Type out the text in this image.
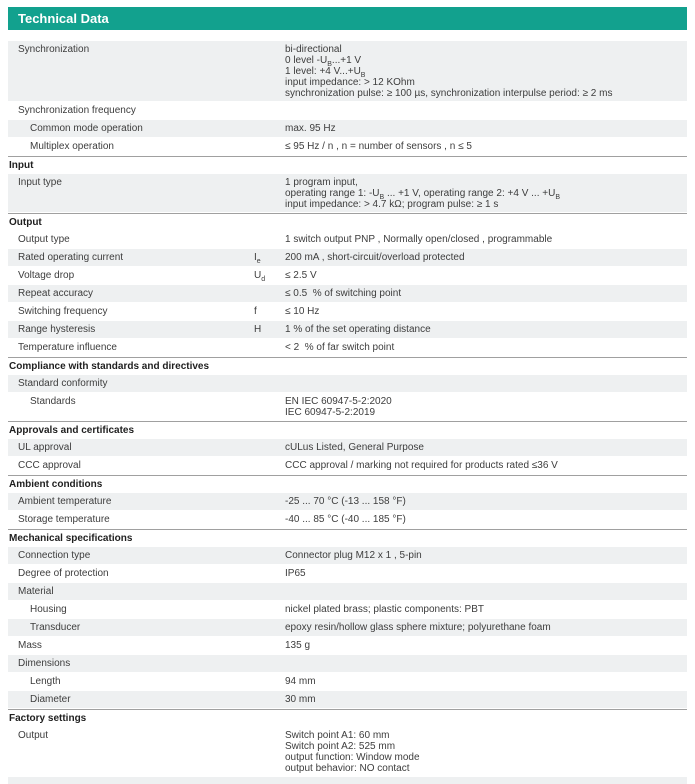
Technical Data
Synchronization	bi-directional
0 level $-U_B...+1$ V
1 level: +4 $V...+U_B$
input impedance: > 12 KOhm
synchronization pulse: ≥ 100 µs, synchronization interpulse period: ≥ 2 ms
Synchronization frequency
Common mode operation	max. 95 Hz
Multiplex operation	≤ 95 Hz / n , n = number of sensors , n ≤ 5
Input
Input type	1 program input,
operating range 1: $-U_B$ ... +1 V, operating range 2: +4 V ... $+U_B$
input impedance: > 4.7 kΩ; program pulse: ≥ 1 s
Output
Output type	1 switch output PNP , Normally open/closed , programmable
Rated operating current	$I_e$	200 mA , short-circuit/overload protected
Voltage drop	$U_d$	≤ 2.5 V
Repeat accuracy	≤ 0.5  % of switching point
Switching frequency	f	≤ 10 Hz
Range hysteresis	H	1 % of the set operating distance
Temperature influence	< 2  % of far switch point
Compliance with standards and directives
Standard conformity
Standards	EN IEC 60947-5-2:2020
IEC 60947-5-2:2019
Approvals and certificates
UL approval	cULus Listed, General Purpose
CCC approval	CCC approval / marking not required for products rated ≤36 V
Ambient conditions
Ambient temperature	-25 ... 70 °C (-13 ... 158 °F)
Storage temperature	-40 ... 85 °C (-40 ... 185 °F)
Mechanical specifications
Connection type	Connector plug M12 x 1 , 5-pin
Degree of protection	IP65
Material
Housing	nickel plated brass; plastic components: PBT
Transducer	epoxy resin/hollow glass sphere mixture; polyurethane foam
Mass	135 g
Dimensions
Length	94 mm
Diameter	30 mm
Factory settings
Output	Switch point A1: 60 mm
Switch point A2: 525 mm
output function: Window mode
output behavior: NO contact
